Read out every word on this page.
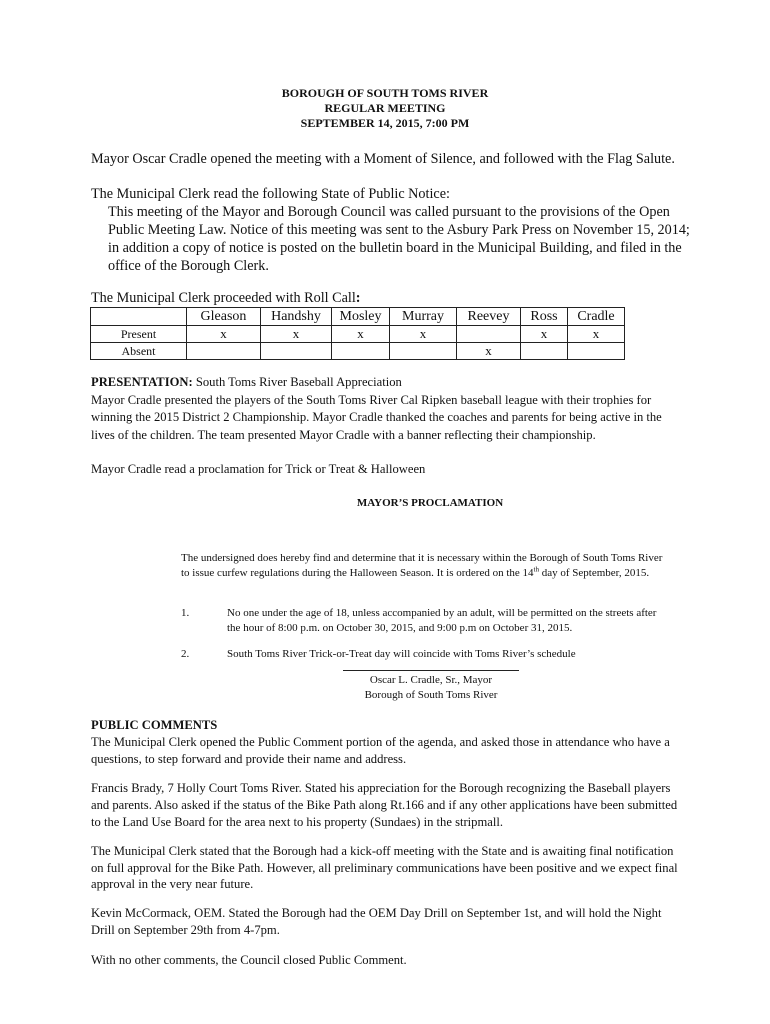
BOROUGH OF SOUTH TOMS RIVER
REGULAR MEETING
SEPTEMBER 14, 2015, 7:00 PM
Mayor Oscar Cradle opened the meeting with a Moment of Silence, and followed with the Flag Salute.
The Municipal Clerk read the following State of Public Notice:
This meeting of the Mayor and Borough Council was called pursuant to the provisions of the Open
Public Meeting Law. Notice of this meeting was sent to the Asbury Park Press on November 15, 2014;
in addition a copy of notice is posted on the bulletin board in the Municipal Building, and filed in the
office of the Borough Clerk.
The Municipal Clerk proceeded with Roll Call:
	Gleason	Handshy	Mosley	Murray	Reevey	Ross	Cradle
Present	x	x	x	x		x	x
Absent					x		
PRESENTATION: South Toms River Baseball Appreciation
Mayor Cradle presented the players of the South Toms River Cal Ripken baseball league with their trophies for
winning the 2015 District 2 Championship. Mayor Cradle thanked the coaches and parents for being active in the
lives of the children. The team presented Mayor Cradle with a banner reflecting their championship.
Mayor Cradle read a proclamation for Trick or Treat & Halloween
MAYOR’S PROCLAMATION
The undersigned does hereby find and determine that it is necessary within the Borough of South Toms River
to issue curfew regulations during the Halloween Season. It is ordered on the 14th day of September, 2015.
1.	No one under the age of 18, unless accompanied by an adult, will be permitted on the streets after
the hour of 8:00 p.m. on October 30, 2015, and 9:00 p.m on October 31, 2015.
2.	South Toms River Trick-or-Treat day will coincide with Toms River’s schedule
Oscar L. Cradle, Sr., Mayor
Borough of South Toms River
PUBLIC COMMENTS
The Municipal Clerk opened the Public Comment portion of the agenda, and asked those in attendance who have a
questions, to step forward and provide their name and address.
Francis Brady, 7 Holly Court Toms River. Stated his appreciation for the Borough recognizing the Baseball players
and parents. Also asked if the status of the Bike Path along Rt.166 and if any other applications have been submitted
to the Land Use Board for the area next to his property (Sundaes) in the stripmall.
The Municipal Clerk stated that the Borough had a kick-off meeting with the State and is awaiting final notification
on full approval for the Bike Path. However, all preliminary communications have been positive and we expect final
approval in the very near future.
Kevin McCormack, OEM. Stated the Borough had the OEM Day Drill on September 1st, and will hold the Night
Drill on September 29th from 4-7pm.
With no other comments, the Council closed Public Comment.
